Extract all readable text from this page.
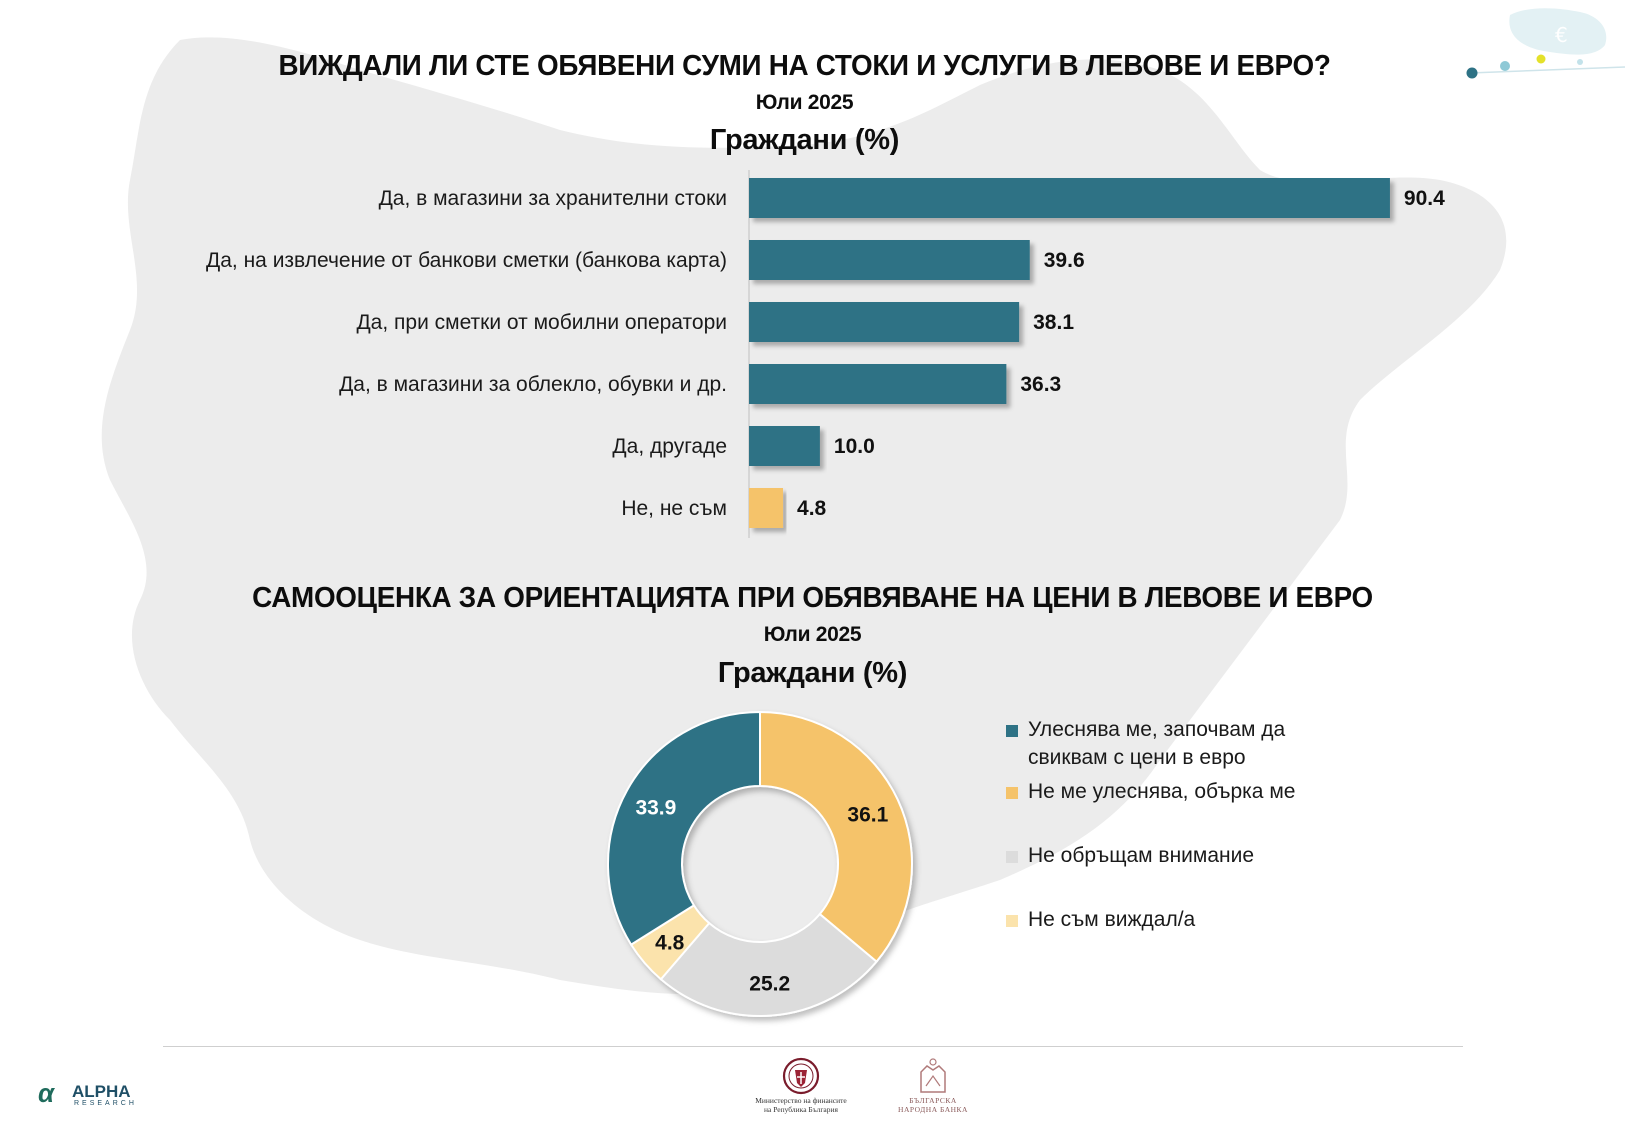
€
ВИЖДАЛИ ЛИ СТЕ ОБЯВЕНИ СУМИ НА СТОКИ И УСЛУГИ В ЛЕВОВЕ И ЕВРО?
Юли 2025
Граждани (%)
Да, в магазини за хранителни стоки	90.4
Да, на извлечение от банкови сметки (банкова карта)	39.6
Да, при сметки от мобилни оператори	38.1
Да, в магазини за облекло, обувки и др.	36.3
Да, другаде	10.0
Не, не съм	4.8
САМООЦЕНКА ЗА ОРИЕНТАЦИЯТА ПРИ ОБЯВЯВАНЕ НА ЦЕНИ В ЛЕВОВЕ И ЕВРО
Юли 2025
Граждани (%)
36.1
25.2
4.8
33.9
Улеснява ме, започвам да свиквам с цени в евро
Не ме улеснява, обърка ме
Не обръщам внимание
Не съм виждал/а
α ALPHA
RESEARCH	Министерство на финансите
на Република България
БЪЛГАРСКА
НАРОДНА БАНКА
